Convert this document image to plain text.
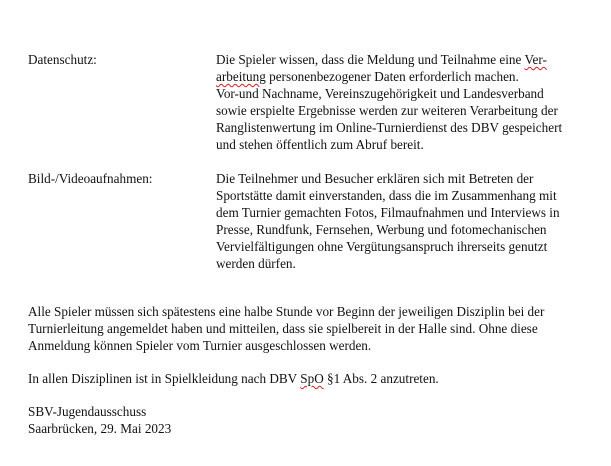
Datenschutz:	Die Spieler wissen, dass die Meldung und Teilnahme eine Ver-
arbeitung personenbezogener Daten erforderlich machen.
Vor-und Nachname, Vereinszugehörigkeit und Landesverband
sowie erspielte Ergebnisse werden zur weiteren Verarbeitung der
Ranglistenwertung im Online-Turnierdienst des DBV gespeichert
und stehen öffentlich zum Abruf bereit.
Bild-/Videoaufnahmen:	Die Teilnehmer und Besucher erklären sich mit Betreten der
Sportstätte damit einverstanden, dass die im Zusammenhang mit
dem Turnier gemachten Fotos, Filmaufnahmen und Interviews in
Presse, Rundfunk, Fernsehen, Werbung und fotomechanischen
Vervielfältigungen ohne Vergütungsanspruch ihrerseits genutzt
werden dürfen.
Alle Spieler müssen sich spätestens eine halbe Stunde vor Beginn der jeweiligen Disziplin bei der
Turnierleitung angemeldet haben und mitteilen, dass sie spielbereit in der Halle sind. Ohne diese
Anmeldung können Spieler vom Turnier ausgeschlossen werden.
In allen Disziplinen ist in Spielkleidung nach DBV SpO §1 Abs. 2 anzutreten.
SBV-Jugendausschuss
Saarbrücken, 29. Mai 2023
